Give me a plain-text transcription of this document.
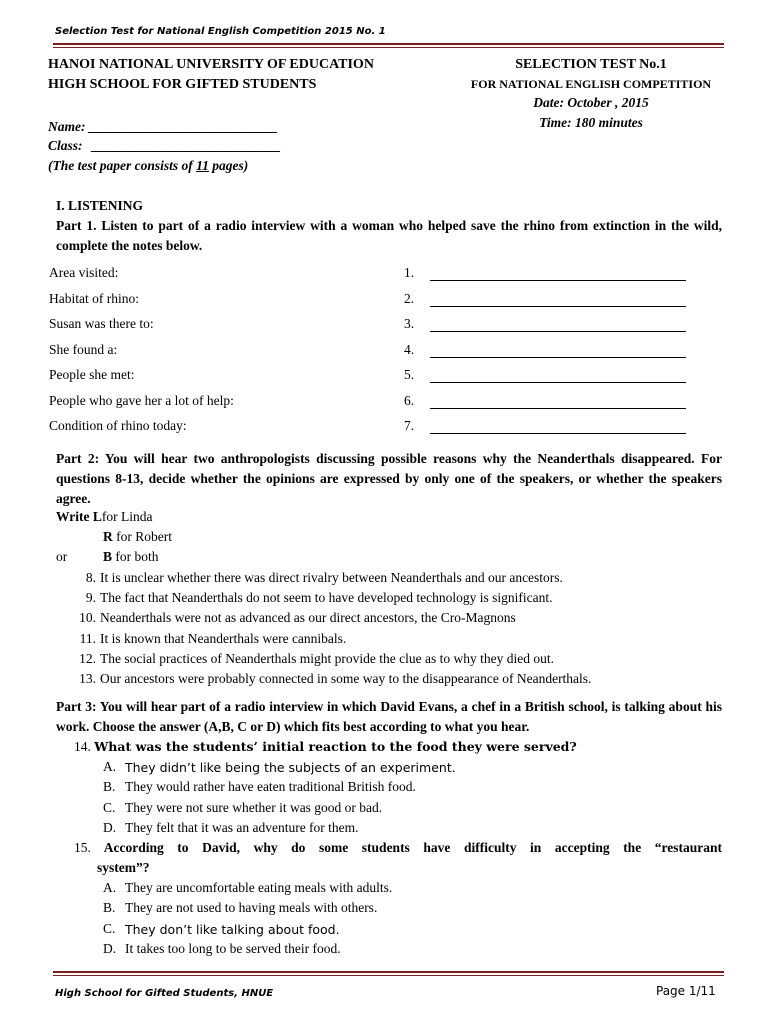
Selection Test for National English Competition 2015 No. 1
HANOI NATIONAL UNIVERSITY OF EDUCATION
HIGH SCHOOL FOR GIFTED STUDENTS
SELECTION TEST No.1
FOR NATIONAL ENGLISH COMPETITION
Date: October , 2015
Time: 180 minutes
Name: ____________________________
Class: ____________________________
(The test paper consists of 11 pages)
I. LISTENING
Part 1. Listen to part of a radio interview with a woman who helped save the rhino from extinction in the wild, complete the notes below.
Area visited:	1.
Habitat of rhino:	2.
Susan was there to:	3.
She found a:	4.
People she met:	5.
People who gave her a lot of help:	6.
Condition of rhino today:	7.
Part 2: You will hear two anthropologists discussing possible reasons why the Neanderthals disappeared. For questions 8-13, decide whether the opinions are expressed by only one of the speakers, or whether the speakers agree.
Write Lfor Linda
R for Robert
or	B for both
8. It is unclear whether there was direct rivalry between Neanderthals and our ancestors.
9. The fact that Neanderthals do not seem to have developed technology is significant.
10. Neanderthals were not as advanced as our direct ancestors, the Cro-Magnons
11. It is known that Neanderthals were cannibals.
12. The social practices of Neanderthals might provide the clue as to why they died out.
13. Our ancestors were probably connected in some way to the disappearance of Neanderthals.
Part 3: You will hear part of a radio interview in which David Evans, a chef in a British school, is talking about his work. Choose the answer (A,B, C or D) which fits best according to what you hear.
14. What was the students’ initial reaction to the food they were served?
A. They didn’t like being the subjects of an experiment.
B. They would rather have eaten traditional British food.
C. They were not sure whether it was good or bad.
D. They felt that it was an adventure for them.
15. According to David, why do some students have difficulty in accepting the “restaurant
system”?
A. They are uncomfortable eating meals with adults.
B. They are not used to having meals with others.
C. They don’t like talking about food.
D. It takes too long to be served their food.
High School for Gifted Students, HNUE	Page 1/11
